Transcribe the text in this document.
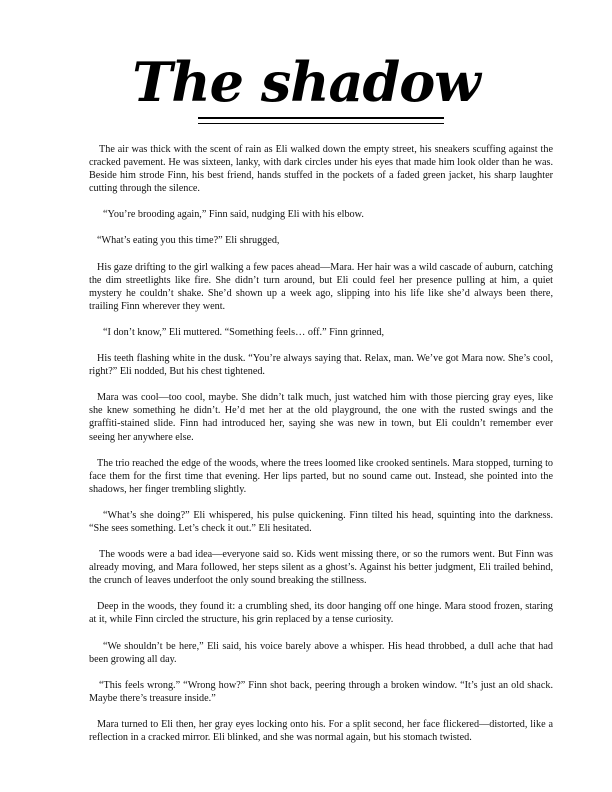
The shadow

The air was thick with the scent of rain as Eli walked down the empty street, his sneakers scuffing against the cracked pavement. He was sixteen, lanky, with dark circles under his eyes that made him look older than he was. Beside him strode Finn, his best friend, hands stuffed in the pockets of a faded green jacket, his sharp laughter cutting through the silence.

“You’re brooding again,” Finn said, nudging Eli with his elbow.

“What’s eating you this time?” Eli shrugged,

His gaze drifting to the girl walking a few paces ahead—Mara. Her hair was a wild cascade of auburn, catching the dim streetlights like fire. She didn’t turn around, but Eli could feel her presence pulling at him, a quiet mystery he couldn’t shake. She’d shown up a week ago, slipping into his life like she’d always been there, trailing Finn wherever they went.

“I don’t know,” Eli muttered. “Something feels… off.” Finn grinned,

His teeth flashing white in the dusk. “You’re always saying that. Relax, man. We’ve got Mara now. She’s cool, right?” Eli nodded, But his chest tightened.

Mara was cool—too cool, maybe. She didn’t talk much, just watched him with those piercing gray eyes, like she knew something he didn’t. He’d met her at the old playground, the one with the rusted swings and the graffiti-stained slide. Finn had introduced her, saying she was new in town, but Eli couldn’t remember ever seeing her anywhere else.

The trio reached the edge of the woods, where the trees loomed like crooked sentinels. Mara stopped, turning to face them for the first time that evening. Her lips parted, but no sound came out. Instead, she pointed into the shadows, her finger trembling slightly.

“What’s she doing?” Eli whispered, his pulse quickening. Finn tilted his head, squinting into the darkness. “She sees something. Let’s check it out.” Eli hesitated.

The woods were a bad idea—everyone said so. Kids went missing there, or so the rumors went. But Finn was already moving, and Mara followed, her steps silent as a ghost’s. Against his better judgment, Eli trailed behind, the crunch of leaves underfoot the only sound breaking the stillness.

Deep in the woods, they found it: a crumbling shed, its door hanging off one hinge. Mara stood frozen, staring at it, while Finn circled the structure, his grin replaced by a tense curiosity.

“We shouldn’t be here,” Eli said, his voice barely above a whisper. His head throbbed, a dull ache that had been growing all day.

“This feels wrong.” “Wrong how?” Finn shot back, peering through a broken window. “It’s just an old shack. Maybe there’s treasure inside.”

Mara turned to Eli then, her gray eyes locking onto his. For a split second, her face flickered—distorted, like a reflection in a cracked mirror. Eli blinked, and she was normal again, but his stomach twisted.
